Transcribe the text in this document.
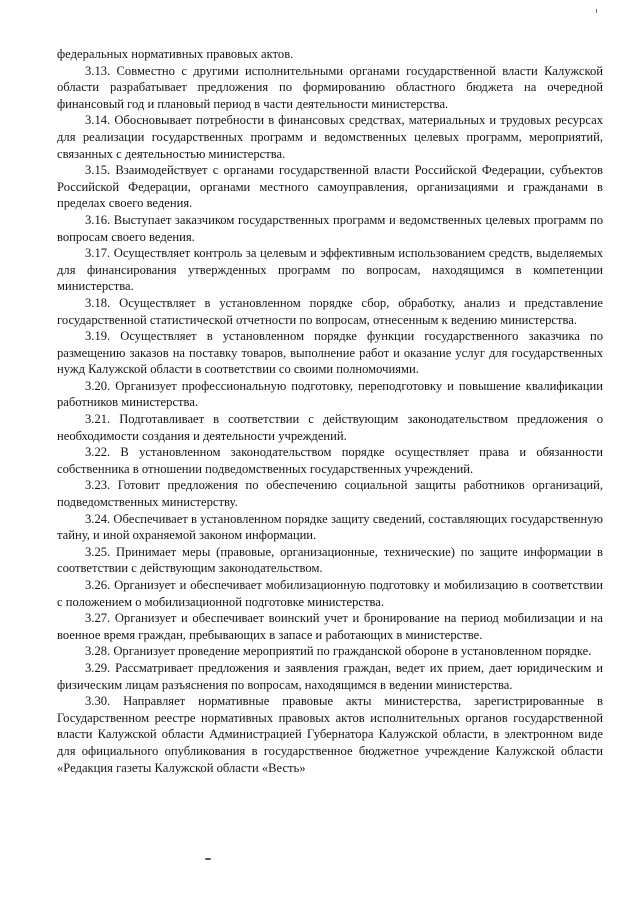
федеральных нормативных правовых актов.

3.13. Совместно с другими исполнительными органами государственной власти Калужской области разрабатывает предложения по формированию областного бюджета на очередной финансовый год и плановый период в части деятельности министерства.

3.14. Обосновывает потребности в финансовых средствах, материальных и трудовых ресурсах для реализации государственных программ и ведомственных целевых программ, мероприятий, связанных с деятельностью министерства.

3.15. Взаимодействует с органами государственной власти Российской Федерации, субъектов Российской Федерации, органами местного самоуправления, организациями и гражданами в пределах своего ведения.

3.16. Выступает заказчиком государственных программ и ведомственных целевых программ по вопросам своего ведения.

3.17. Осуществляет контроль за целевым и эффективным использованием средств, выделяемых для финансирования утвержденных программ по вопросам, находящимся в компетенции министерства.

3.18. Осуществляет в установленном порядке сбор, обработку, анализ и представление государственной статистической отчетности по вопросам, отнесенным к ведению министерства.

3.19. Осуществляет в установленном порядке функции государственного заказчика по размещению заказов на поставку товаров, выполнение работ и оказание услуг для государственных нужд Калужской области в соответствии со своими полномочиями.

3.20. Организует профессиональную подготовку, переподготовку и повышение квалификации работников министерства.

3.21. Подготавливает в соответствии с действующим законодательством предложения о необходимости создания и деятельности учреждений.

3.22. В установленном законодательством порядке осуществляет права и обязанности собственника в отношении подведомственных государственных учреждений.

3.23. Готовит предложения по обеспечению социальной защиты работников организаций, подведомственных министерству.

3.24. Обеспечивает в установленном порядке защиту сведений, составляющих государственную тайну, и иной охраняемой законом информации.

3.25. Принимает меры (правовые, организационные, технические) по защите информации в соответствии с действующим законодательством.

3.26. Организует и обеспечивает мобилизационную подготовку и мобилизацию в соответствии с положением о мобилизационной подготовке министерства.

3.27. Организует и обеспечивает воинский учет и бронирование на период мобилизации и на военное время граждан, пребывающих в запасе и работающих в министерстве.

3.28. Организует проведение мероприятий по гражданской обороне в установленном порядке.

3.29. Рассматривает предложения и заявления граждан, ведет их прием, дает юридическим и физическим лицам разъяснения по вопросам, находящимся в ведении министерства.

3.30. Направляет нормативные правовые акты министерства, зарегистрированные в Государственном реестре нормативных правовых актов исполнительных органов государственной власти Калужской области Администрацией Губернатора Калужской области, в электронном виде для официального опубликования в государственное бюджетное учреждение Калужской области «Редакция газеты Калужской области «Весть»
